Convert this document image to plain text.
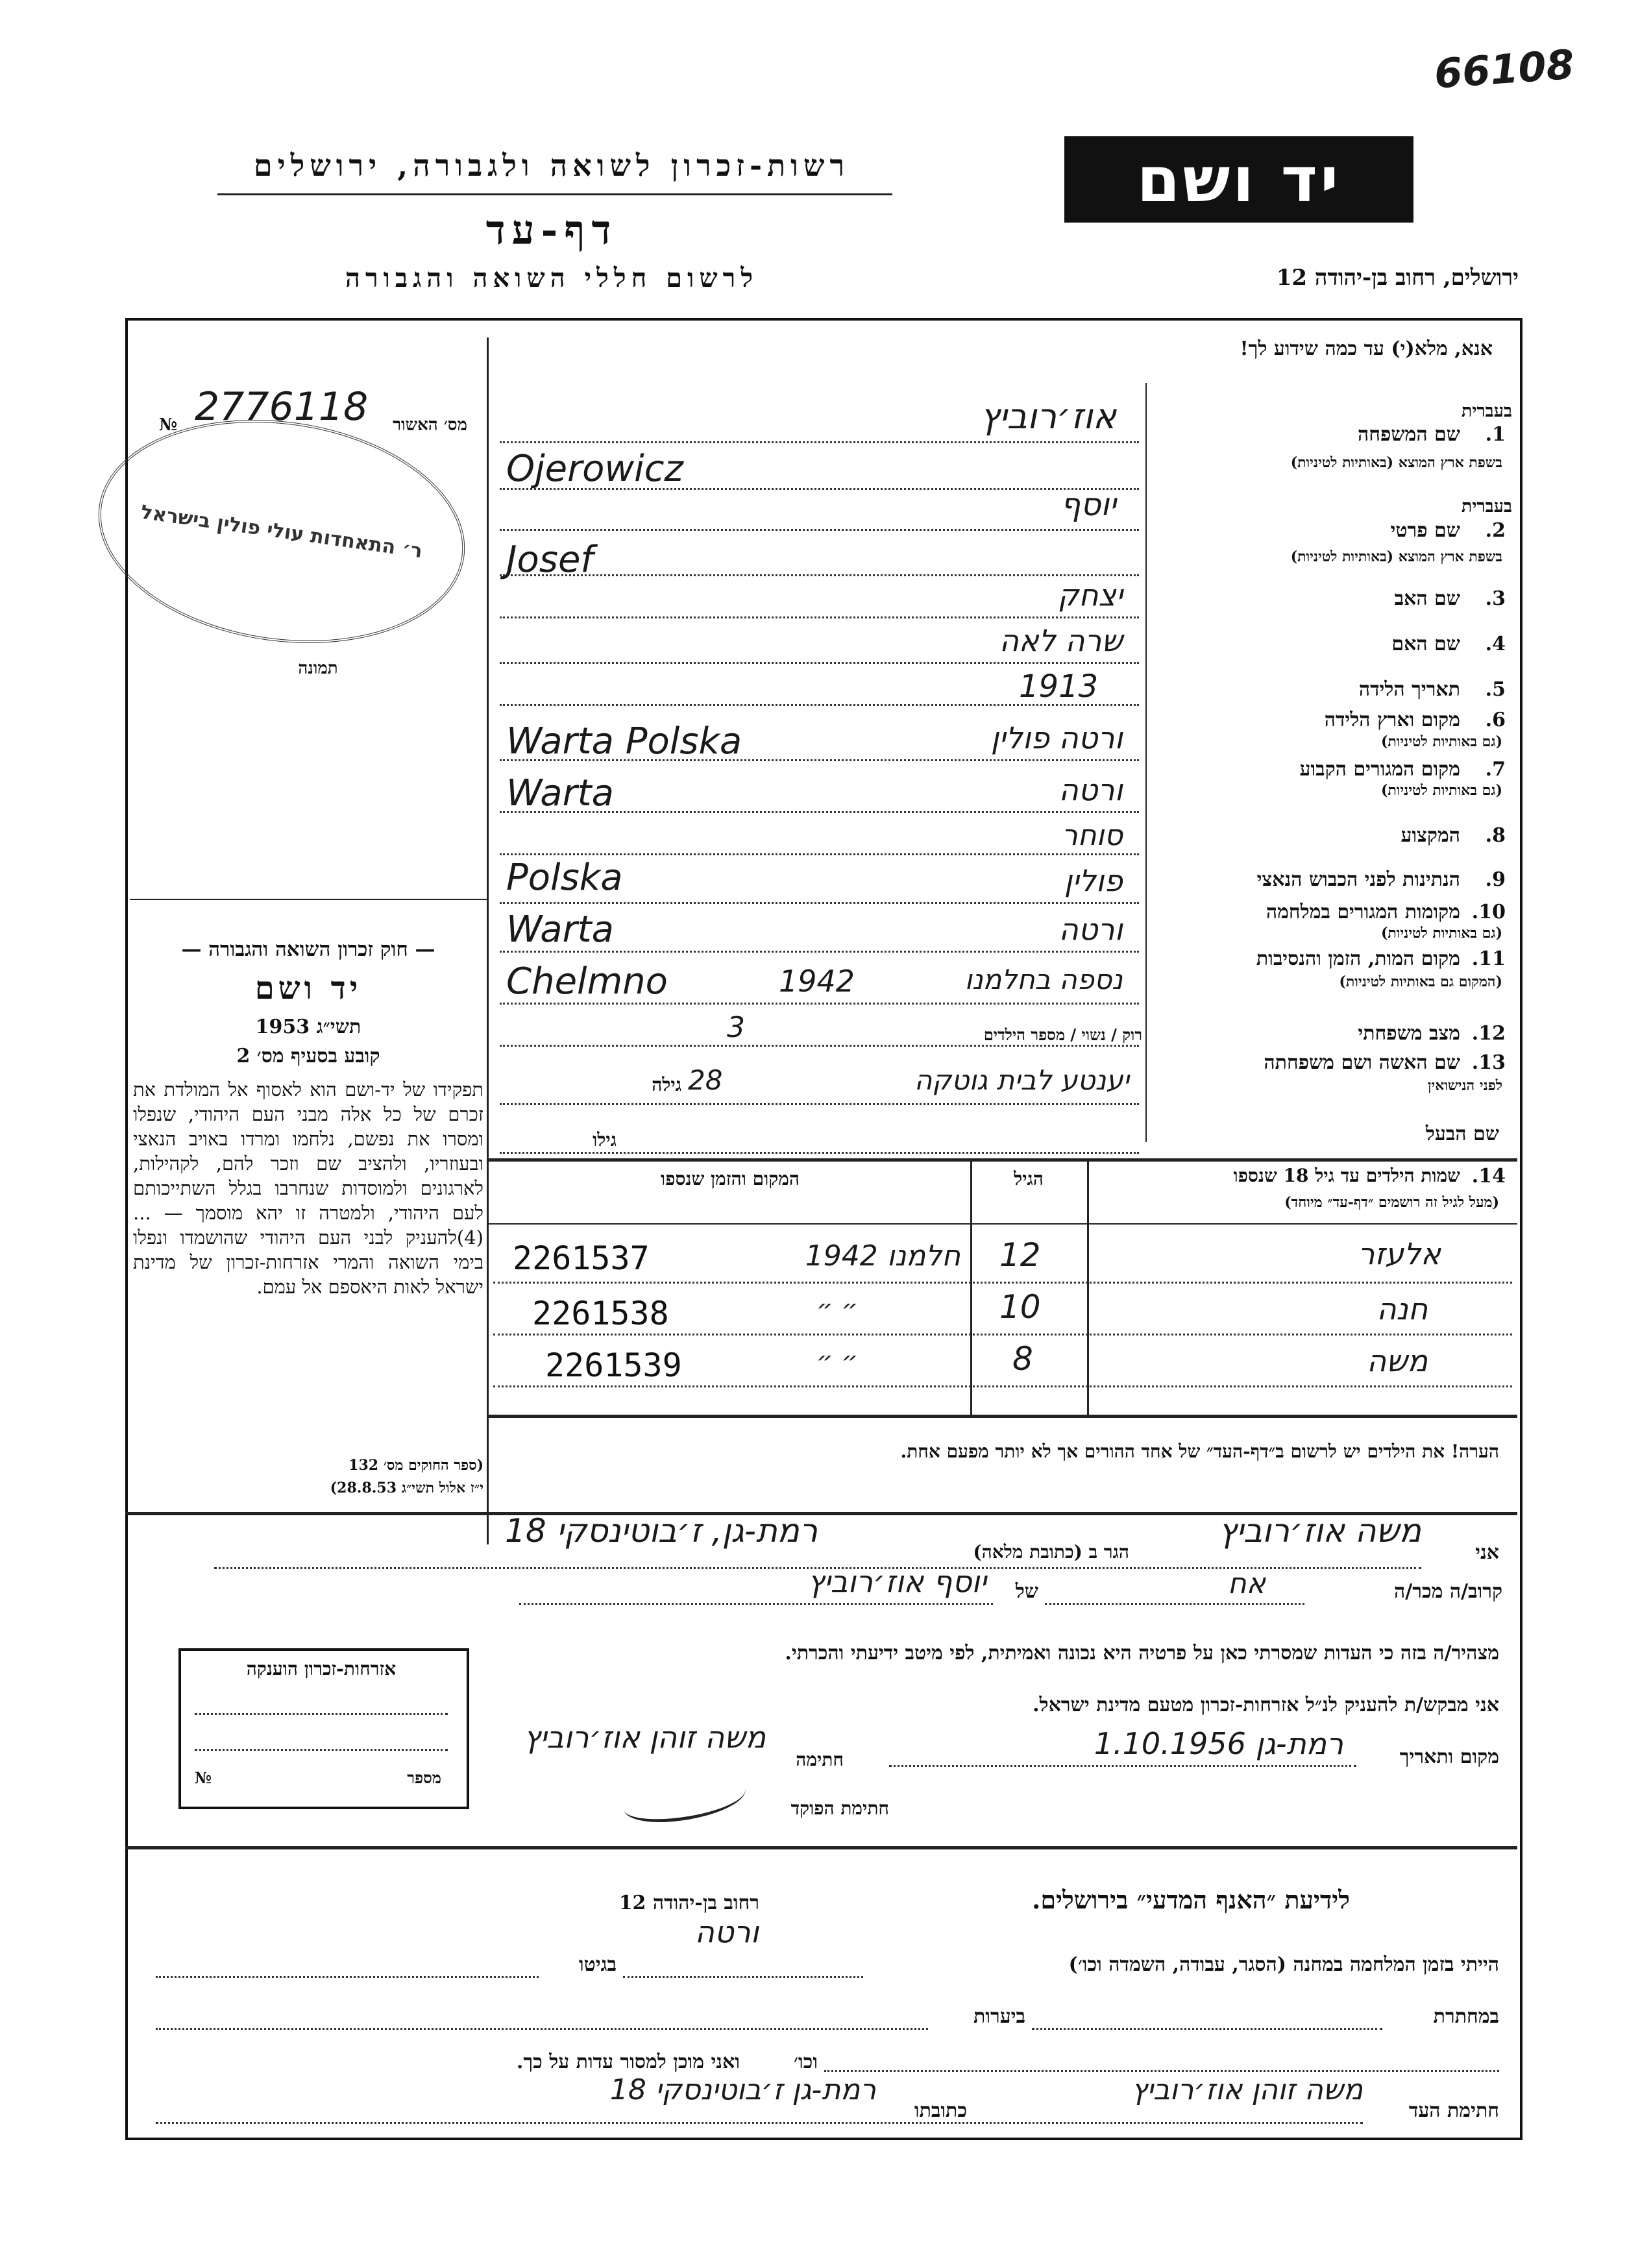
66108
יד ושם
רשות-זכרון לשואה ולגבורה, ירושלים
דף-עד
לרשום חללי השואה והגבורה	ירושלים, רחוב בן-יהודה 12
אנא, מלא(י) עד כמה שידוע לך!
מס׳ האשור
№ 2776118
ר׳ התאחדות עולי פולין בישראל
תמונה
— חוק זכרון השואה והגבורה —
יד ושם
תשי״ג 1953
קובע בסעיף מס׳ 2
תפקידו של יד-ושם הוא לאסוף אל המולדת את זכרם של כל אלה מבני העם היהודי, שנפלו ומסרו את נפשם, נלחמו ומרדו באויב הנאצי ובעוזריו, ולהציב שם וזכר להם, לקהילות, לארגונים ולמוסדות שנחרבו בגלל השתייכותם לעם היהודי, ולמטרה זו יהא מוסמך — ...(4)להעניק לבני העם היהודי שהושמדו ונפלו בימי השואה והמרי אזרחות-זכרון של מדינת ישראל לאות היאספם אל עמם.
(ספר החוקים מס׳ 132
י״ז אלול תשי״ג 28.8.53)
בעברית
1.
שם המשפחה
בשפת ארץ המוצא (באותיות לטיניות)
אוז׳רוביץ
Ojerowicz
בעברית
2.
שם פרטי
בשפת ארץ המוצא (באותיות לטיניות)
יוסף
Josef
3.
שם האב
יצחק
4.
שם האם
שרה לאה
5.
תאריך הלידה
1913
6.
מקום וארץ הלידה
(גם באותיות לטיניות)
ורטה פולין
Warta Polska
7.
מקום המגורים הקבוע
(גם באותיות לטיניות)
ורטה
Warta
8.
המקצוע
סוחר
9.
הנתינות לפני הכבוש הנאצי
פולין
Polska
10.
מקומות המגורים במלחמה
(גם באותיות לטיניות)
ורטה
Warta
11.
מקום המות, הזמן והנסיבות
(המקום גם באותיות לטיניות)
נספה בחלמנו
1942
Chelmno
12.
מצב משפחתי
רוק / נשוי / מספר הילדים
3
13.
שם האשה ושם משפחתה
לפני הנישואין
יענטע לבית גוטקה
גילה 28
שם הבעל
גילו
14.
שמות הילדים עד גיל 18 שנספו
(מעל לגיל זה רושמים ״דף-עד״ מיוחד)
הגיל
המקום והזמן שנספו
אלעזר
12
חלמנו 1942
2261537
חנה
10
״ ״
2261538
משה
8
״ ״
2261539
הערה! את הילדים יש לרשום ב״דף-העד״ של אחד ההורים אך לא יותר מפעם אחת.
אני
משה אוז׳רוביץ
הגר ב (כתובת מלאה)
רמת-גן, ז׳בוטינסקי 18
קרוב/ה מכר/ה
אח
של
יוסף אוז׳רוביץ
מצהיר/ה בזה כי העדות שמסרתי כאן על פרטיה היא נכונה ואמיתית, לפי מיטב ידיעתי והכרתי.
אני מבקש/ת להעניק לנ״ל אזרחות-זכרון מטעם מדינת ישראל.
מקום ותאריך
רמת-גן 1.10.1956
חתימה
משה זוהן אוז׳רוביץ
חתימת הפוקד
אזרחות-זכרון הוענקה
מספר
№
לידיעת ״האנף המדעי״ בירושלים.
רחוב בן-יהודה 12
הייתי בזמן המלחמה במחנה (הסגר, עבודה, השמדה וכו׳)
ורטה
בגיטו
במחתרת
ביערות
וכו׳
ואני מוכן למסור עדות על כך.
חתימת העד
משה זוהן אוז׳רוביץ
כתובתו
רמת-גן ז׳בוטינסקי 18
